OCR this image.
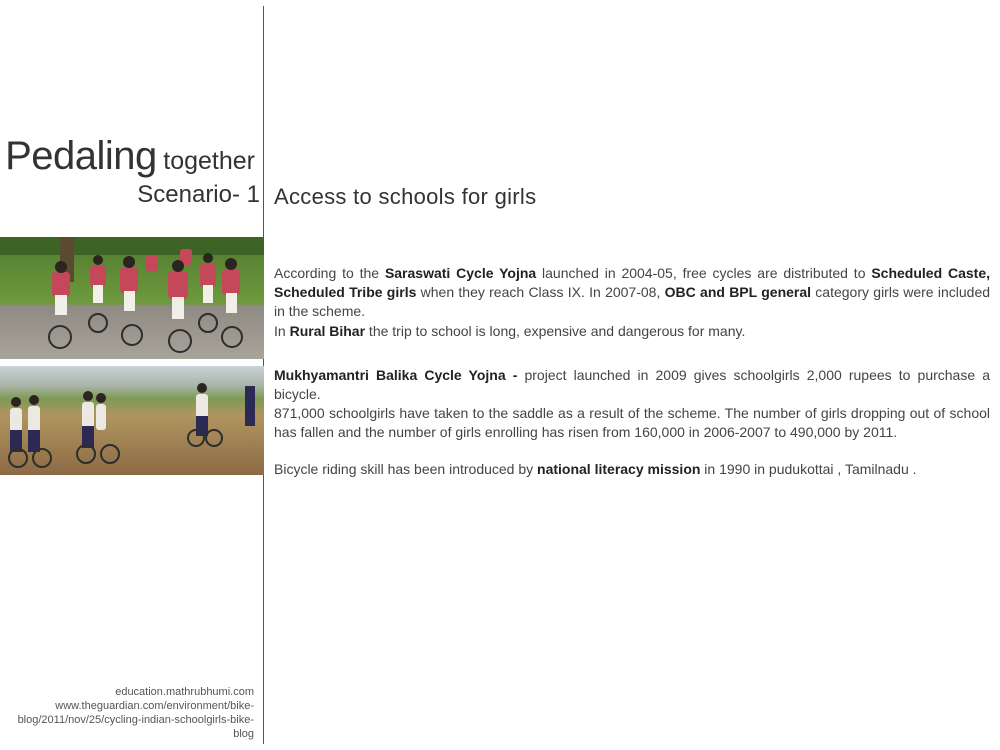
Pedaling together
Scenario- 1
education.mathrubhumi.com
www.theguardian.com/environment/bike-blog/2011/nov/25/cycling-indian-schoolgirls-bike-blog
Access to schools for girls
According to the Saraswati Cycle Yojna launched in 2004-05, free cycles are distributed to Scheduled Caste, Scheduled Tribe girls when they reach Class IX. In 2007-08, OBC and BPL general category girls were included in the scheme.
In Rural Bihar the trip to school is long, expensive and dangerous for many.
Mukhyamantri Balika Cycle Yojna - project launched in 2009 gives schoolgirls 2,000 rupees to purchase a bicycle.
871,000 schoolgirls have taken to the saddle as a result of the scheme. The number of girls dropping out of school has fallen and the number of girls enrolling has risen from 160,000 in 2006-2007 to 490,000 by 2011.
Bicycle riding skill has been introduced by national literacy mission in 1990 in pudukottai , Tamilnadu .
